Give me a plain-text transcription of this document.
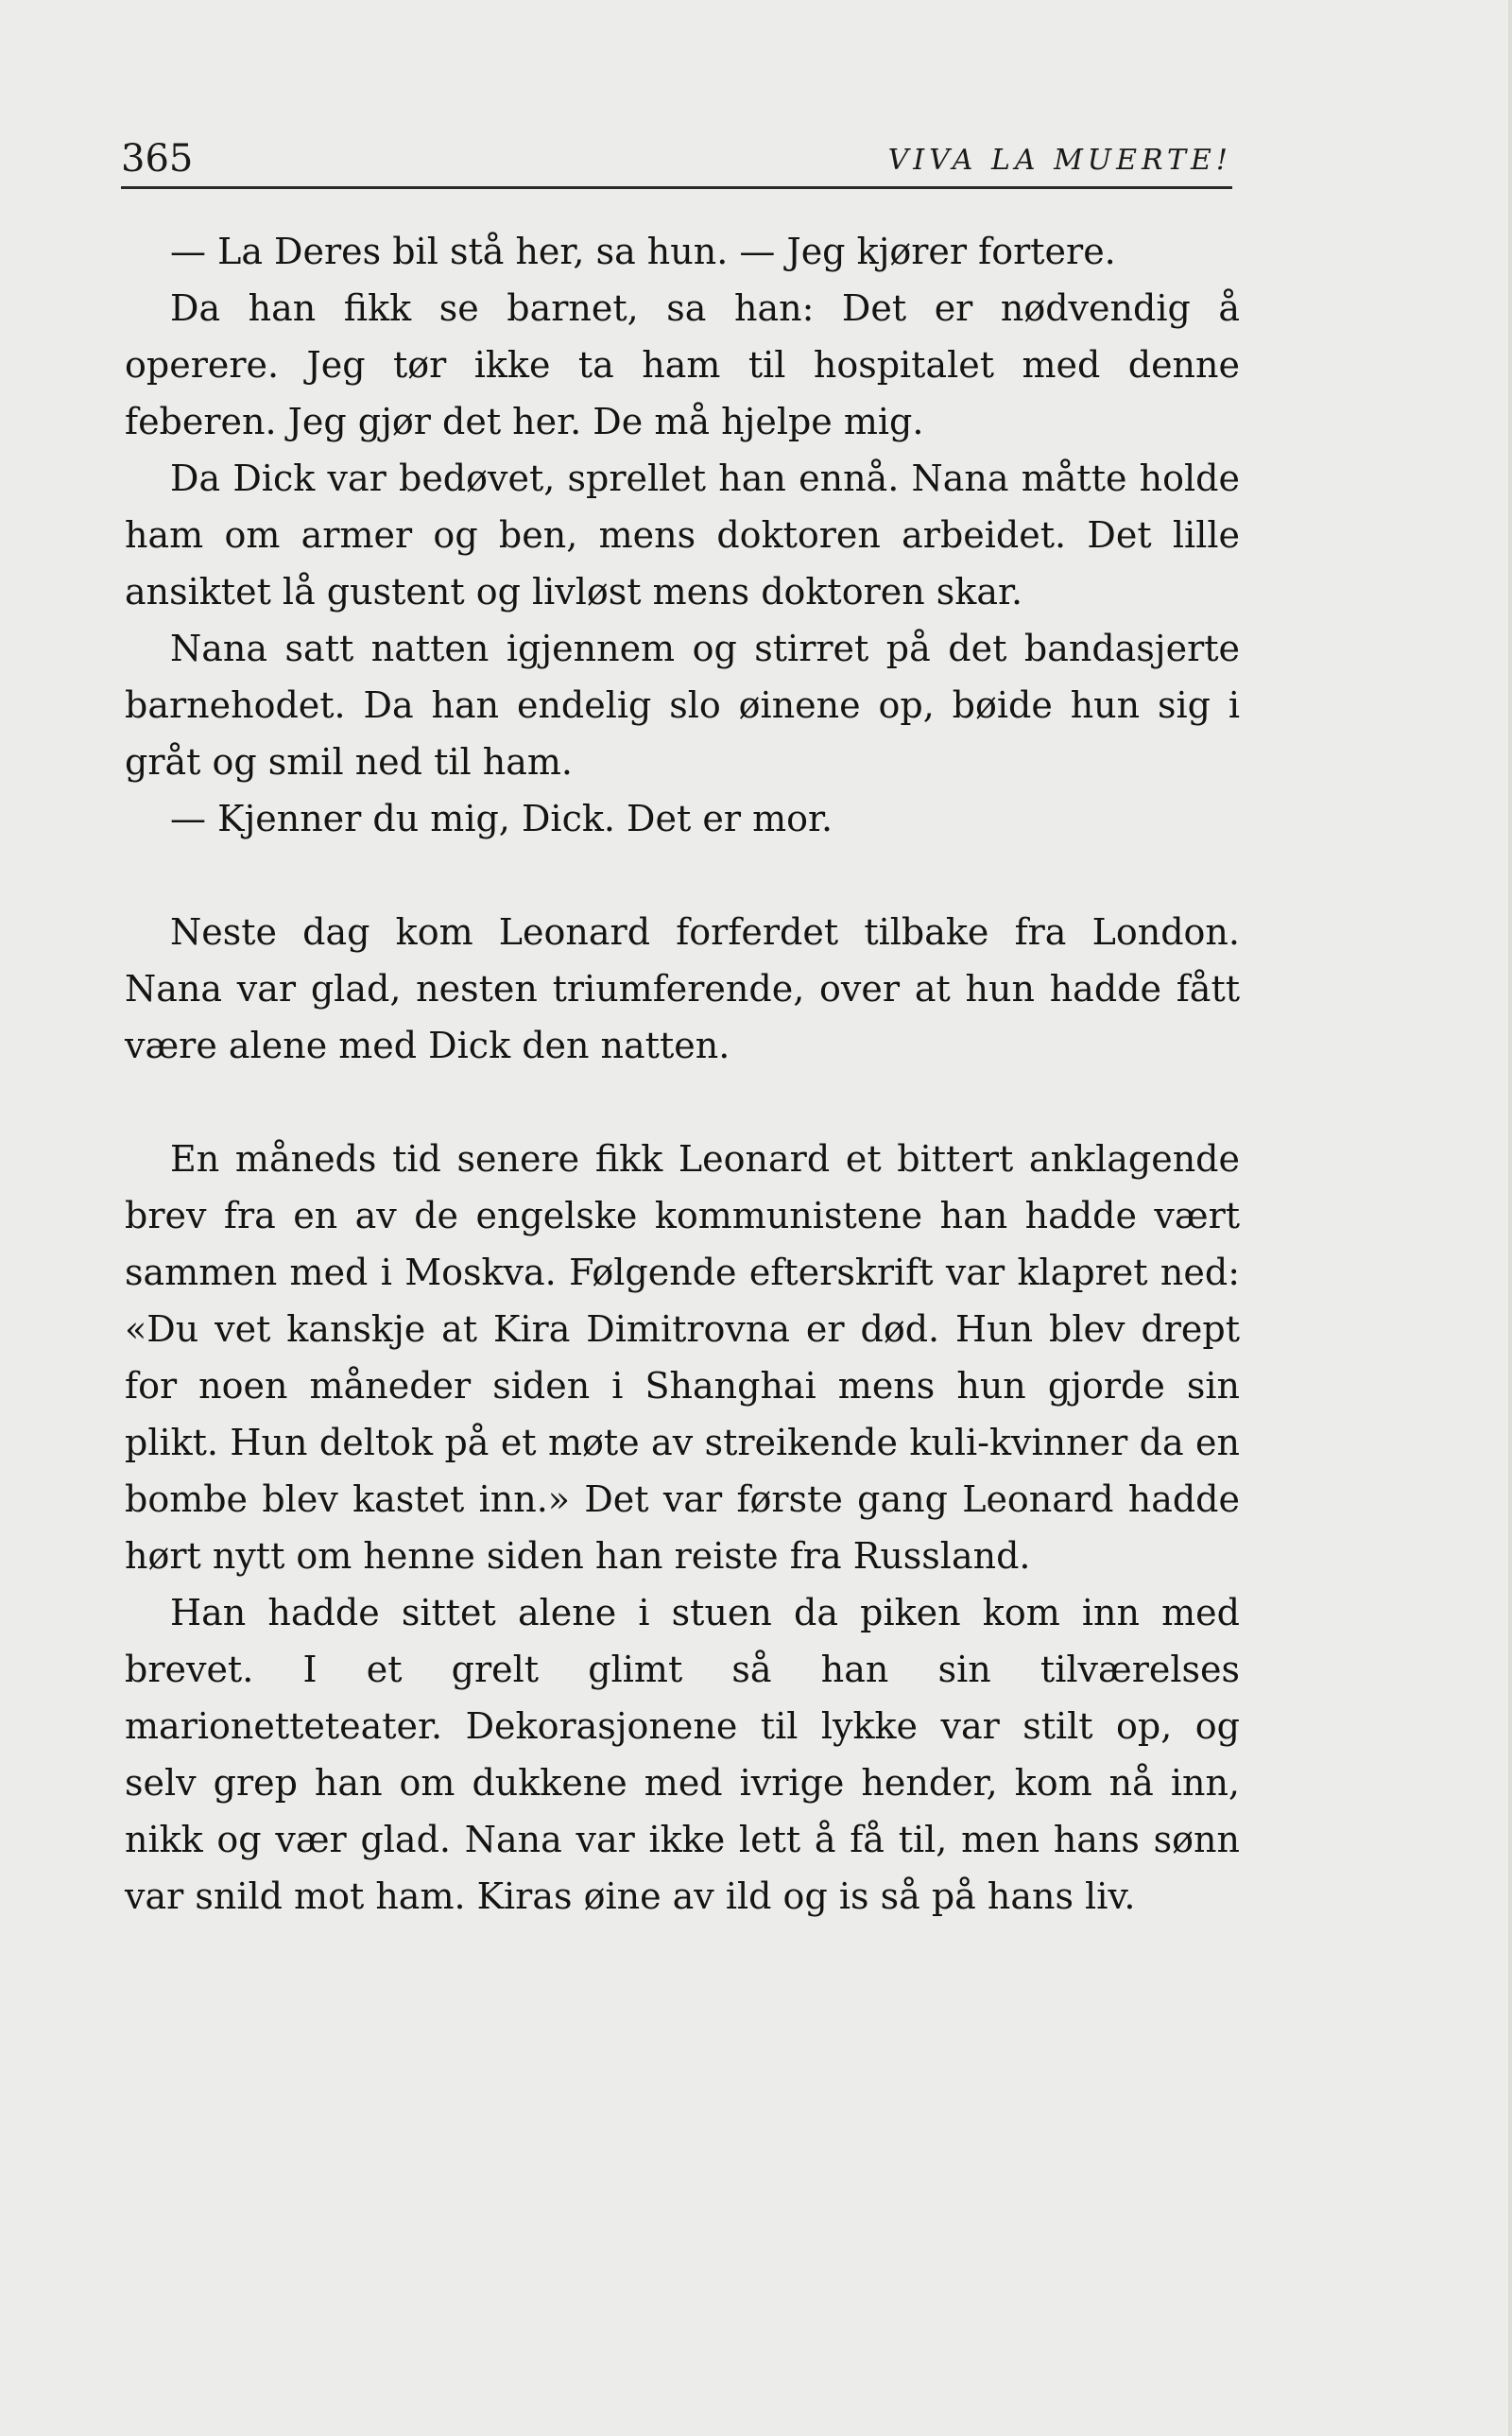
365	VIVA LA MUERTE!

— La Deres bil stå her, sa hun. — Jeg kjører fortere.

Da han fikk se barnet, sa han: Det er nødvendig å operere. Jeg tør ikke ta ham til hospitalet med denne feberen. Jeg gjør det her. De må hjelpe mig.

Da Dick var bedøvet, sprellet han ennå. Nana måtte holde ham om armer og ben, mens doktoren arbeidet. Det lille ansiktet lå gustent og livløst mens doktoren skar.

Nana satt natten igjennem og stirret på det bandasjerte barnehodet. Da han endelig slo øinene op, bøide hun sig i gråt og smil ned til ham.

— Kjenner du mig, Dick. Det er mor.

Neste dag kom Leonard forferdet tilbake fra London. Nana var glad, nesten triumferende, over at hun hadde fått være alene med Dick den natten.

En måneds tid senere fikk Leonard et bittert anklagende brev fra en av de engelske kommunistene han hadde vært sammen med i Moskva. Følgende efterskrift var klapret ned: «Du vet kanskje at Kira Dimitrovna er død. Hun blev drept for noen måneder siden i Shanghai mens hun gjorde sin plikt. Hun deltok på et møte av streikende kuli-kvinner da en bombe blev kastet inn.» Det var første gang Leonard hadde hørt nytt om henne siden han reiste fra Russland.

Han hadde sittet alene i stuen da piken kom inn med brevet. I et grelt glimt så han sin tilværelses marionetteteater. Dekorasjonene til lykke var stilt op, og selv grep han om dukkene med ivrige hender, kom nå inn, nikk og vær glad. Nana var ikke lett å få til, men hans sønn var snild mot ham. Kiras øine av ild og is så på hans liv.
